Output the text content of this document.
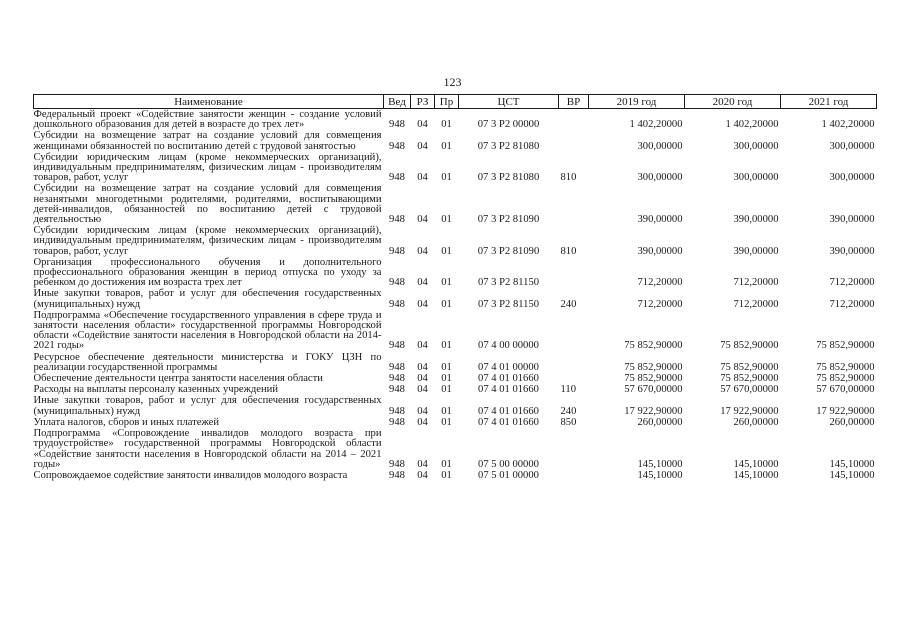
123
Наименование	Вед	РЗ	Пр	ЦСТ	ВР	2019 год	2020 год	2021 год
Федеральный проект «Содействие занятости женщин - создание условий дошкольного образования для детей в возрасте до трех лет»	948	04	01	07 3 P2 00000		1 402,20000	1 402,20000	1 402,20000
Субсидии на возмещение затрат на создание условий для совмещения женщинами обязанностей по воспитанию детей с трудовой занятостью	948	04	01	07 3 P2 81080		300,00000	300,00000	300,00000
Субсидии юридическим лицам (кроме некоммерческих организаций), индивидуальным предпринимателям, физическим лицам - производителям товаров, работ, услуг	948	04	01	07 3 P2 81080	810	300,00000	300,00000	300,00000
Субсидии на возмещение затрат на создание условий для совмещения незанятыми многодетными родителями, родителями, воспитывающими детей-инвалидов, обязанностей по воспитанию детей с трудовой деятельностью	948	04	01	07 3 P2 81090		390,00000	390,00000	390,00000
Субсидии юридическим лицам (кроме некоммерческих организаций), индивидуальным предпринимателям, физическим лицам - производителям товаров, работ, услуг	948	04	01	07 3 P2 81090	810	390,00000	390,00000	390,00000
Организация профессионального обучения и дополнительного профессионального образования женщин в период отпуска по уходу за ребенком до достижения им возраста трех лет	948	04	01	07 3 P2 81150		712,20000	712,20000	712,20000
Иные закупки товаров, работ и услуг для обеспечения государственных (муниципальных) нужд	948	04	01	07 3 P2 81150	240	712,20000	712,20000	712,20000
Подпрограмма «Обеспечение государственного управления в сфере труда и занятости населения области» государственной программы Новгородской области «Содействие занятости населения в Новгородской области на 2014-2021 годы»	948	04	01	07 4 00 00000		75 852,90000	75 852,90000	75 852,90000
Ресурсное обеспечение деятельности министерства и ГОКУ ЦЗН по реализации государственной программы	948	04	01	07 4 01 00000		75 852,90000	75 852,90000	75 852,90000
Обеспечение деятельности центра занятости населения области	948	04	01	07 4 01 01660		75 852,90000	75 852,90000	75 852,90000
Расходы на выплаты персоналу казенных учреждений	948	04	01	07 4 01 01660	110	57 670,00000	57 670,00000	57 670,00000
Иные закупки товаров, работ и услуг для обеспечения государственных (муниципальных) нужд	948	04	01	07 4 01 01660	240	17 922,90000	17 922,90000	17 922,90000
Уплата налогов, сборов и иных платежей	948	04	01	07 4 01 01660	850	260,00000	260,00000	260,00000
Подпрограмма «Сопровождение инвалидов молодого возраста при трудоустройстве» государственной программы Новгородской области «Содействие занятости населения в Новгородской области на 2014 – 2021 годы»	948	04	01	07 5 00 00000		145,10000	145,10000	145,10000
Сопровождаемое содействие занятости инвалидов молодого возраста	948	04	01	07 5 01 00000		145,10000	145,10000	145,10000
